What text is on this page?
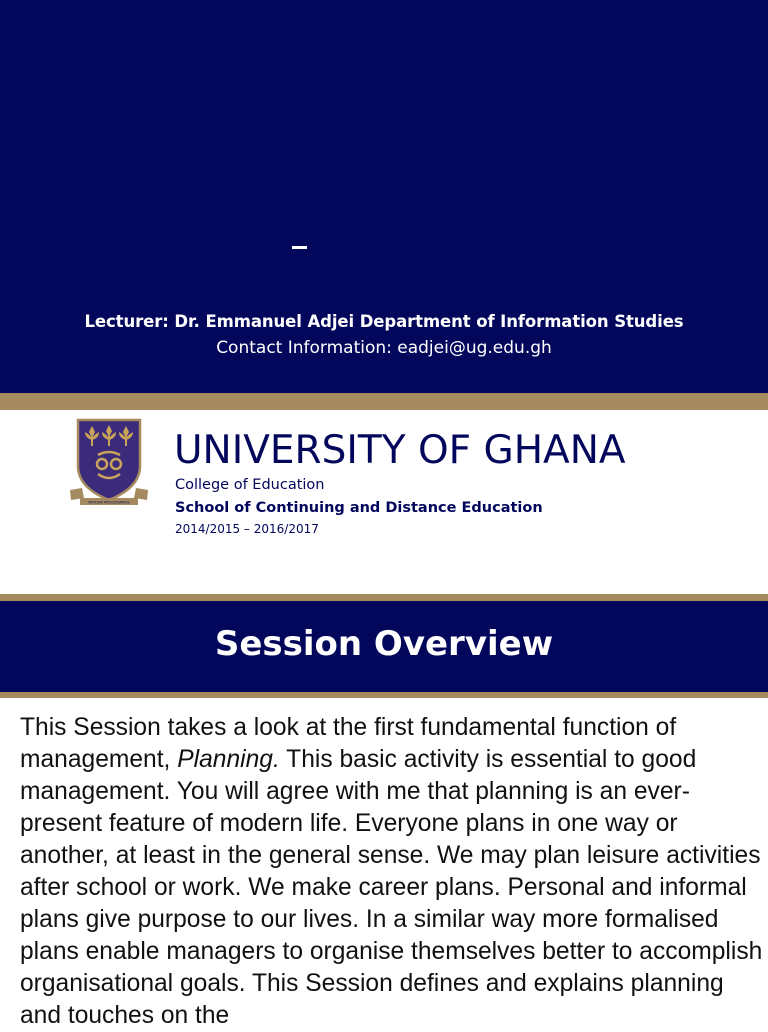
Lecturer: Dr. Emmanuel Adjei Department of Information Studies
Contact Information: eadjei@ug.edu.gh
INTEGRI PROCEDAMUS
UNIVERSITY OF GHANA
College of Education
School of Continuing and Distance Education
2014/2015 – 2016/2017
Session Overview
This Session takes a look at the first fundamental function of management, Planning. This basic activity is essential to good management. You will agree with me that planning is an ever-present feature of modern life. Everyone plans in one way or another, at least in the general sense. We may plan leisure activities after school or work. We make career plans. Personal and informal plans give purpose to our lives. In a similar way more formalised plans enable managers to organise themselves better to accomplish organisational goals. This Session defines and explains planning and touches on the
